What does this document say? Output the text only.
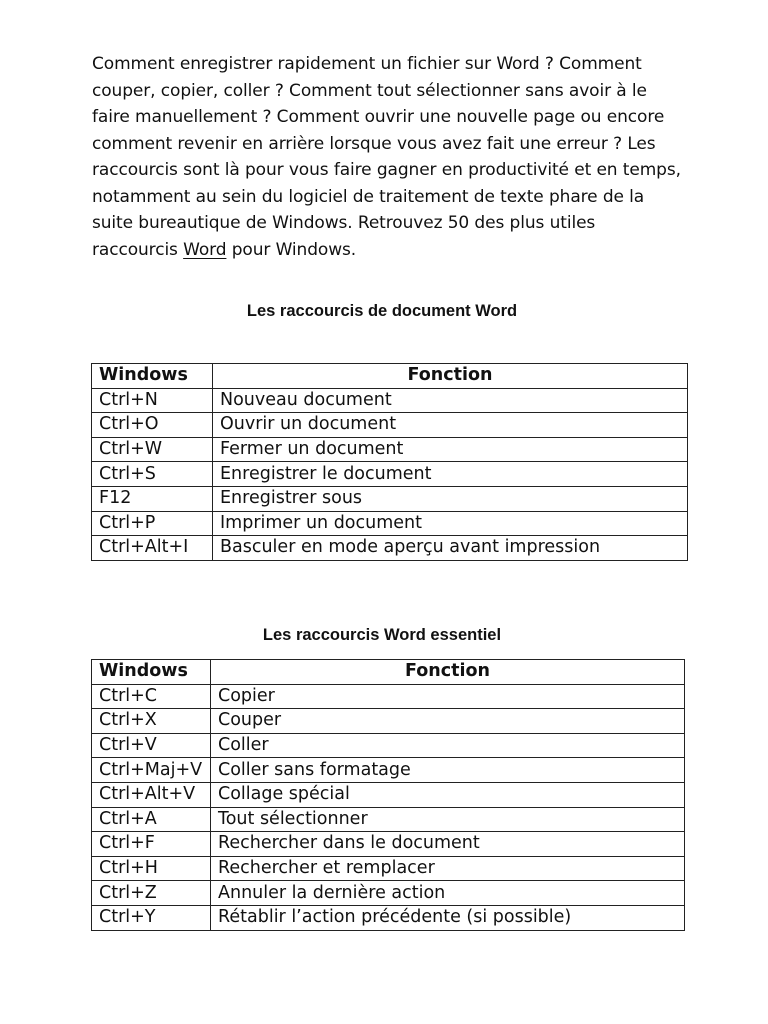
Comment enregistrer rapidement un fichier sur Word ? Comment couper, copier, coller ? Comment tout sélectionner sans avoir à le faire manuellement ? Comment ouvrir une nouvelle page ou encore comment revenir en arrière lorsque vous avez fait une erreur ? Les raccourcis sont là pour vous faire gagner en productivité et en temps, notamment au sein du logiciel de traitement de texte phare de la suite bureautique de Windows. Retrouvez 50 des plus utiles raccourcis Word pour Windows.

Les raccourcis de document Word
Windows	Fonction
Ctrl+N	Nouveau document
Ctrl+O	Ouvrir un document
Ctrl+W	Fermer un document
Ctrl+S	Enregistrer le document
F12	Enregistrer sous
Ctrl+P	Imprimer un document
Ctrl+Alt+I	Basculer en mode aperçu avant impression
Les raccourcis Word essentiel
Windows	Fonction
Ctrl+C	Copier
Ctrl+X	Couper
Ctrl+V	Coller
Ctrl+Maj+V	Coller sans formatage
Ctrl+Alt+V	Collage spécial
Ctrl+A	Tout sélectionner
Ctrl+F	Rechercher dans le document
Ctrl+H	Rechercher et remplacer
Ctrl+Z	Annuler la dernière action
Ctrl+Y	Rétablir l’action précédente (si possible)
